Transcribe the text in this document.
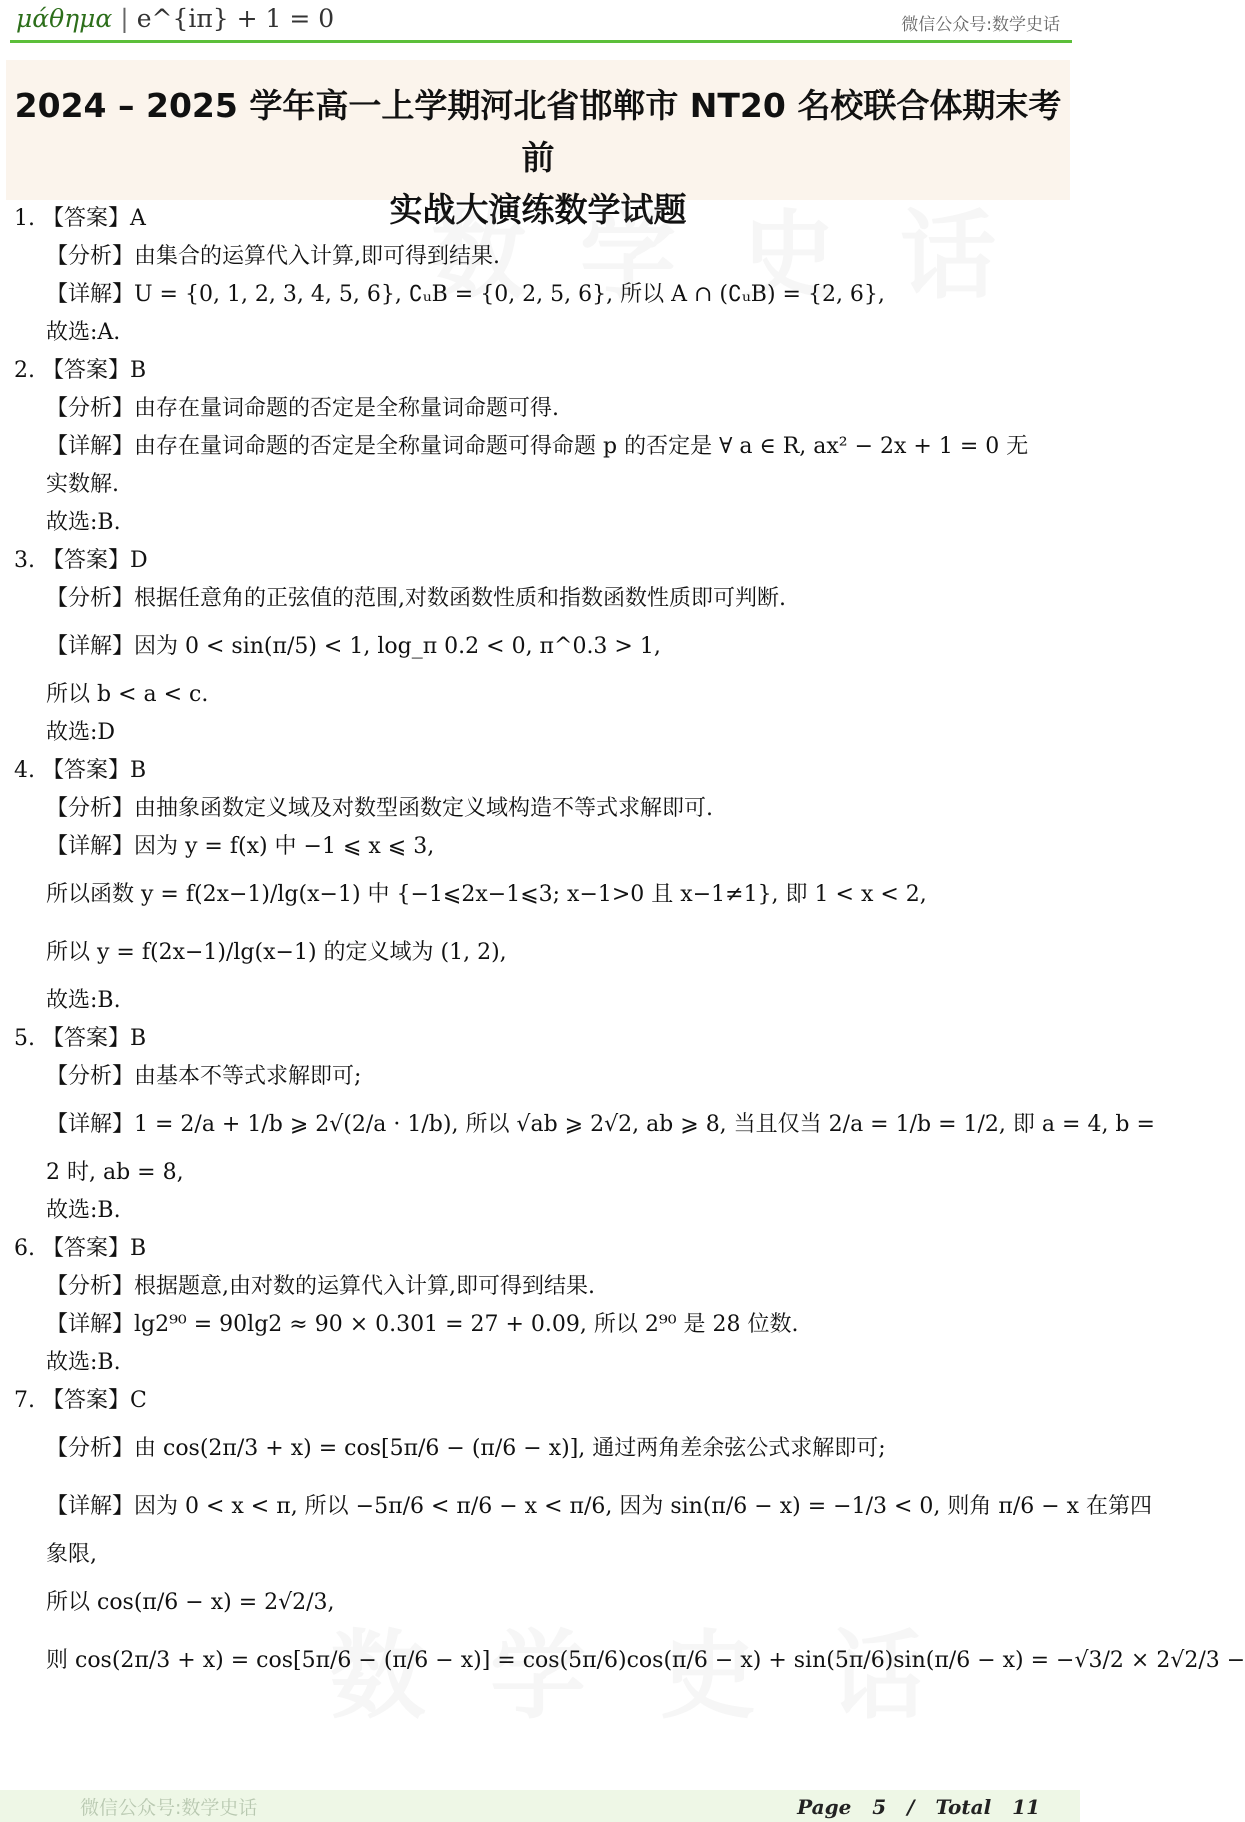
μάθημα | e^{iπ} + 1 = 0	微信公众号:数学史话
2024 – 2025 学年高一上学期河北省邯郸市 NT20 名校联合体期末考前
实战大演练数学试题
数 学 史 话
数 学 史 话
1. 【答案】A
【分析】由集合的运算代入计算,即可得到结果.
【详解】U = {0, 1, 2, 3, 4, 5, 6}, ∁ᵤB = {0, 2, 5, 6}, 所以 A ∩ (∁ᵤB) = {2, 6},
故选:A.
2. 【答案】B
【分析】由存在量词命题的否定是全称量词命题可得.
【详解】由存在量词命题的否定是全称量词命题可得命题 p 的否定是 ∀ a ∈ R, ax² − 2x + 1 = 0 无
实数解.
故选:B.
3. 【答案】D
【分析】根据任意角的正弦值的范围,对数函数性质和指数函数性质即可判断.
【详解】因为 0 < sin(π/5) < 1, log_π 0.2 < 0, π^0.3 > 1,
所以 b < a < c.
故选:D
4. 【答案】B
【分析】由抽象函数定义域及对数型函数定义域构造不等式求解即可.
【详解】因为 y = f(x) 中 −1 ⩽ x ⩽ 3,
所以函数 y = f(2x−1)/lg(x−1) 中 {−1⩽2x−1⩽3; x−1>0 且 x−1≠1}, 即 1 < x < 2,
所以 y = f(2x−1)/lg(x−1) 的定义域为 (1, 2),
故选:B.
5. 【答案】B
【分析】由基本不等式求解即可;
【详解】1 = 2/a + 1/b ⩾ 2√(2/a · 1/b), 所以 √ab ⩾ 2√2, ab ⩾ 8, 当且仅当 2/a = 1/b = 1/2, 即 a = 4, b =
2 时, ab = 8,
故选:B.
6. 【答案】B
【分析】根据题意,由对数的运算代入计算,即可得到结果.
【详解】lg2⁹⁰ = 90lg2 ≈ 90 × 0.301 = 27 + 0.09, 所以 2⁹⁰ 是 28 位数.
故选:B.
7. 【答案】C
【分析】由 cos(2π/3 + x) = cos[5π/6 − (π/6 − x)], 通过两角差余弦公式求解即可;
【详解】因为 0 < x < π, 所以 −5π/6 < π/6 − x < π/6, 因为 sin(π/6 − x) = −1/3 < 0, 则角 π/6 − x 在第四
象限,
所以 cos(π/6 − x) = 2√2/3,
则 cos(2π/3 + x) = cos[5π/6 − (π/6 − x)] = cos(5π/6)cos(π/6 − x) + sin(5π/6)sin(π/6 − x) = −√3/2 × 2√2/3 −
微信公众号:数学史话	Page 5 / Total 11
